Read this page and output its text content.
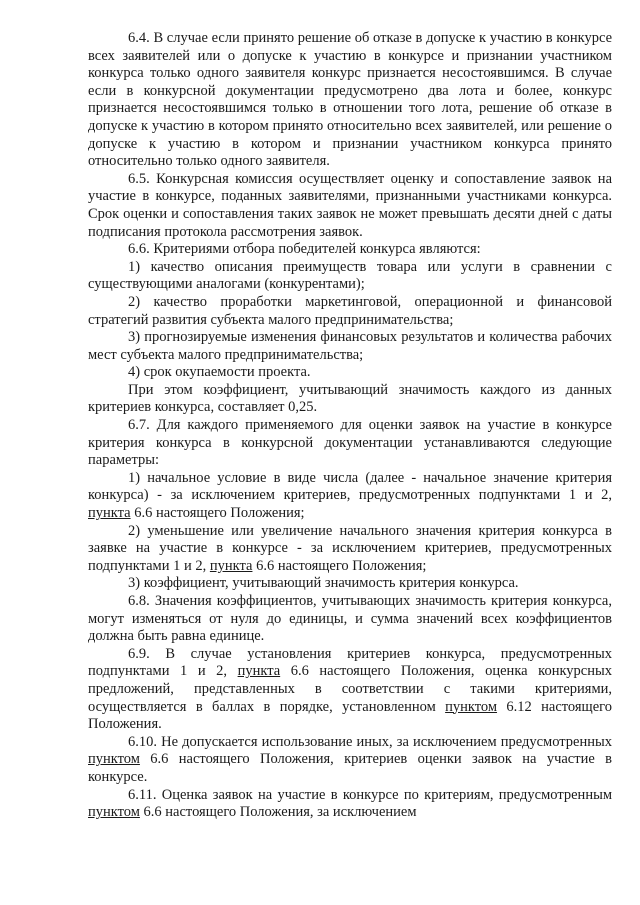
6.4. В случае если принято решение об отказе в допуске к участию в конкурсе всех заявителей или о допуске к участию в конкурсе и признании участником конкурса только одного заявителя конкурс признается несостоявшимся. В случае если в конкурсной документации предусмотрено два лота и более, конкурс признается несостоявшимся только в отношении того лота, решение об отказе в допуске к участию в котором принято относительно всех заявителей, или решение о допуске к участию в котором и признании участником конкурса принято относительно только одного заявителя.

6.5. Конкурсная комиссия осуществляет оценку и сопоставление заявок на участие в конкурсе, поданных заявителями, признанными участниками конкурса. Срок оценки и сопоставления таких заявок не может превышать десяти дней с даты подписания протокола рассмотрения заявок.

6.6. Критериями отбора победителей конкурса являются:

1) качество описания преимуществ товара или услуги в сравнении с существующими аналогами (конкурентами);

2) качество проработки маркетинговой, операционной и финансовой стратегий развития субъекта малого предпринимательства;

3) прогнозируемые изменения финансовых результатов и количества рабочих мест субъекта малого предпринимательства;

4) срок окупаемости проекта.

При этом коэффициент, учитывающий значимость каждого из данных критериев конкурса, составляет 0,25.

6.7. Для каждого применяемого для оценки заявок на участие в конкурсе критерия конкурса в конкурсной документации устанавливаются следующие параметры:

1) начальное условие в виде числа (далее - начальное значение критерия конкурса) - за исключением критериев, предусмотренных подпунктами 1 и 2, пункта 6.6 настоящего Положения;

2) уменьшение или увеличение начального значения критерия конкурса в заявке на участие в конкурсе - за исключением критериев, предусмотренных подпунктами 1 и 2, пункта 6.6 настоящего Положения;

3) коэффициент, учитывающий значимость критерия конкурса.

6.8. Значения коэффициентов, учитывающих значимость критерия конкурса, могут изменяться от нуля до единицы, и сумма значений всех коэффициентов должна быть равна единице.

6.9. В случае установления критериев конкурса, предусмотренных подпунктами 1 и 2, пункта 6.6 настоящего Положения, оценка конкурсных предложений, представленных в соответствии с такими критериями, осуществляется в баллах в порядке, установленном пунктом 6.12 настоящего Положения.

6.10. Не допускается использование иных, за исключением предусмотренных пунктом 6.6 настоящего Положения, критериев оценки заявок на участие в конкурсе.

6.11. Оценка заявок на участие в конкурсе по критериям, предусмотренным пунктом 6.6 настоящего Положения, за исключением
